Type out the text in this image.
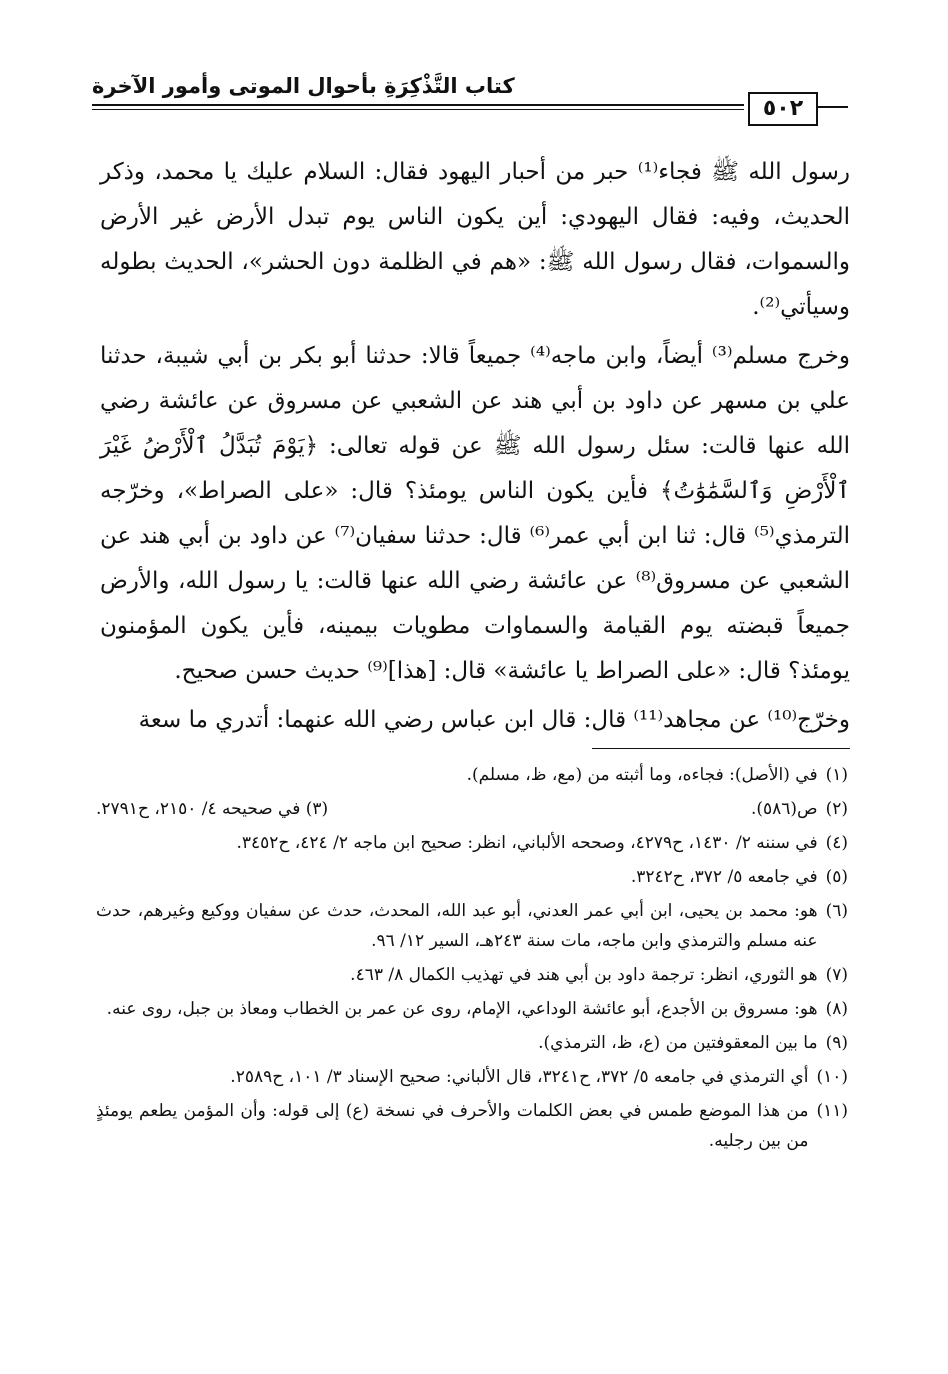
كتاب التَّذْكِرَةِ بأحوال الموتى وأمور الآخرة
٥٠٢

رسول الله ﷺ فجاء⁽¹⁾ حبر من أحبار اليهود فقال: السلام عليك يا محمد، وذكر الحديث، وفيه: فقال اليهودي: أين يكون الناس يوم تبدل الأرض غير الأرض والسموات، فقال رسول الله ﷺ: «هم في الظلمة دون الحشر»، الحديث بطوله وسيأتي⁽²⁾.

وخرج مسلم⁽³⁾ أيضاً، وابن ماجه⁽⁴⁾ جميعاً قالا: حدثنا أبو بكر بن أبي شيبة، حدثنا علي بن مسهر عن داود بن أبي هند عن الشعبي عن مسروق عن عائشة رضي الله عنها قالت: سئل رسول الله ﷺ عن قوله تعالى: ﴿يَوْمَ تُبَدَّلُ ٱلْأَرْضُ غَيْرَ ٱلْأَرْضِ وَٱلسَّمَٰوَٰتُ﴾ فأين يكون الناس يومئذ؟ قال: «على الصراط»، وخرّجه الترمذي⁽⁵⁾ قال: ثنا ابن أبي عمر⁽⁶⁾ قال: حدثنا سفيان⁽⁷⁾ عن داود بن أبي هند عن الشعبي عن مسروق⁽⁸⁾ عن عائشة رضي الله عنها قالت: يا رسول الله، والأرض جميعاً قبضته يوم القيامة والسماوات مطويات بيمينه، فأين يكون المؤمنون يومئذ؟ قال: «على الصراط يا عائشة» قال: [هذا]⁽⁹⁾ حديث حسن صحيح.

وخرّج⁽¹⁰⁾ عن مجاهد⁽¹¹⁾ قال: قال ابن عباس رضي الله عنهما: أتدري ما سعة

(١)
في (الأصل): فجاءه، وما أثبته من (مع، ظ، مسلم).
(٢)
ص(٥٨٦).
(٣) في صحيحه ٤/ ٢١٥٠، ح٢٧٩١.
(٤)
في سننه ٢/ ١٤٣٠، ح٤٢٧٩، وصححه الألباني، انظر: صحيح ابن ماجه ٢/ ٤٢٤، ح٣٤٥٢.
(٥)
في جامعه ٥/ ٣٧٢، ح٣٢٤٢.
(٦)
هو: محمد بن يحيى، ابن أبي عمر العدني، أبو عبد الله، المحدث، حدث عن سفيان ووكيع وغيرهم، حدث عنه مسلم والترمذي وابن ماجه، مات سنة ٢٤٣هـ، السير ١٢/ ٩٦.
(٧)
هو الثوري، انظر: ترجمة داود بن أبي هند في تهذيب الكمال ٨/ ٤٦٣.
(٨)
هو: مسروق بن الأجدع، أبو عائشة الوداعي، الإمام، روى عن عمر بن الخطاب ومعاذ بن جبل، روى عنه.
(٩)
ما بين المعقوفتين من (ع، ظ، الترمذي).
(١٠)
أي الترمذي في جامعه ٥/ ٣٧٢، ح٣٢٤١، قال الألباني: صحيح الإسناد ٣/ ١٠١، ح٢٥٨٩.
(١١)
من هذا الموضع طمس في بعض الكلمات والأحرف في نسخة (ع) إلى قوله: وأن المؤمن يطعم يومئذٍ من بين رجليه.
